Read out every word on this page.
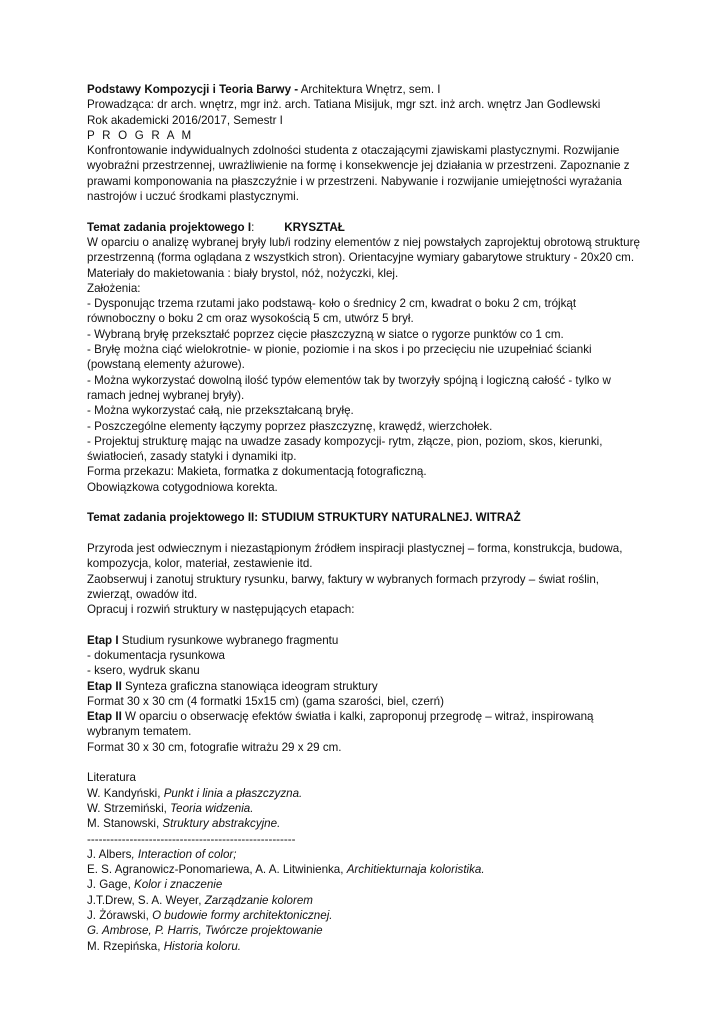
Podstawy Kompozycji i Teoria Barwy - Architektura Wnętrz, sem. I
Prowadząca: dr arch. wnętrz, mgr inż. arch. Tatiana Misijuk, mgr szt. inż arch. wnętrz Jan Godlewski
Rok akademicki 2016/2017, Semestr I
P R O G R A M
Konfrontowanie indywidualnych zdolności studenta z otaczającymi zjawiskami plastycznymi. Rozwijanie wyobraźni przestrzennej, uwrażliwienie na formę i konsekwencje jej działania w przestrzeni. Zapoznanie z prawami komponowania na płaszczyźnie i w przestrzeni. Nabywanie i rozwijanie umiejętności wyrażania nastrojów i uczuć środkami plastycznymi.
Temat zadania projektowego I:	KRYSZTAŁ
W oparciu o analizę wybranej bryły lub/i rodziny elementów z niej powstałych zaprojektuj obrotową strukturę przestrzenną (forma oglądana z wszystkich stron). Orientacyjne wymiary gabarytowe struktury - 20x20 cm.
Materiały do makietowania : biały brystol, nóż, nożyczki, klej.
Założenia:
- Dysponując trzema rzutami jako podstawą- koło o średnicy 2 cm, kwadrat o boku 2 cm, trójkąt równoboczny o boku 2 cm oraz wysokością 5 cm, utwórz 5 brył.
- Wybraną bryłę przekształć poprzez cięcie płaszczyzną w siatce o rygorze punktów co 1 cm.
- Bryłę można ciąć wielokrotnie- w pionie, poziomie i na skos i po przecięciu nie uzupełniać ścianki (powstaną elementy ażurowe).
- Można wykorzystać dowolną ilość typów elementów tak by tworzyły spójną i logiczną całość - tylko w ramach jednej wybranej bryły).
- Można wykorzystać całą, nie przekształcaną bryłę.
- Poszczególne elementy łączymy poprzez płaszczyznę, krawędź, wierzchołek.
- Projektuj strukturę mając na uwadze zasady kompozycji- rytm, złącze, pion, poziom, skos, kierunki, światłocień, zasady statyki i dynamiki itp.
Forma przekazu: Makieta, formatka z dokumentacją fotograficzną.
Obowiązkowa cotygodniowa korekta.
Temat zadania projektowego II: STUDIUM STRUKTURY NATURALNEJ. WITRAŻ
Przyroda jest odwiecznym i niezastąpionym źródłem inspiracji plastycznej – forma, konstrukcja, budowa, kompozycja, kolor, materiał, zestawienie itd.
Zaobserwuj i zanotuj struktury rysunku, barwy, faktury w wybranych formach przyrody – świat roślin, zwierząt, owadów itd.
Opracuj i rozwiń struktury w następujących etapach:
Etap I Studium rysunkowe wybranego fragmentu
- dokumentacja rysunkowa
- ksero, wydruk skanu
Etap II Synteza graficzna stanowiąca ideogram struktury
Format 30 x 30 cm (4 formatki 15x15 cm) (gama szarości, biel, czerń)
Etap II W oparciu o obserwację efektów światła i kalki, zaproponuj przegrodę – witraż, inspirowaną wybranym tematem.
Format 30 x 30 cm, fotografie witrażu 29 x 29 cm.
Literatura
W. Kandyński, Punkt i linia a płaszczyzna.
W. Strzemiński, Teoria widzenia.
M. Stanowski, Struktury abstrakcyjne.
------------------------------------------------------
J. Albers, Interaction of color;
E. S. Agranowicz-Ponomariewa, A. A. Litwinienka, Architiekturnaja koloristika.
J. Gage, Kolor i znaczenie
J.T.Drew, S. A. Weyer, Zarządzanie kolorem
J. Żórawski, O budowie formy architektonicznej.
G. Ambrose, P. Harris, Twórcze projektowanie
M. Rzepińska, Historia koloru.
